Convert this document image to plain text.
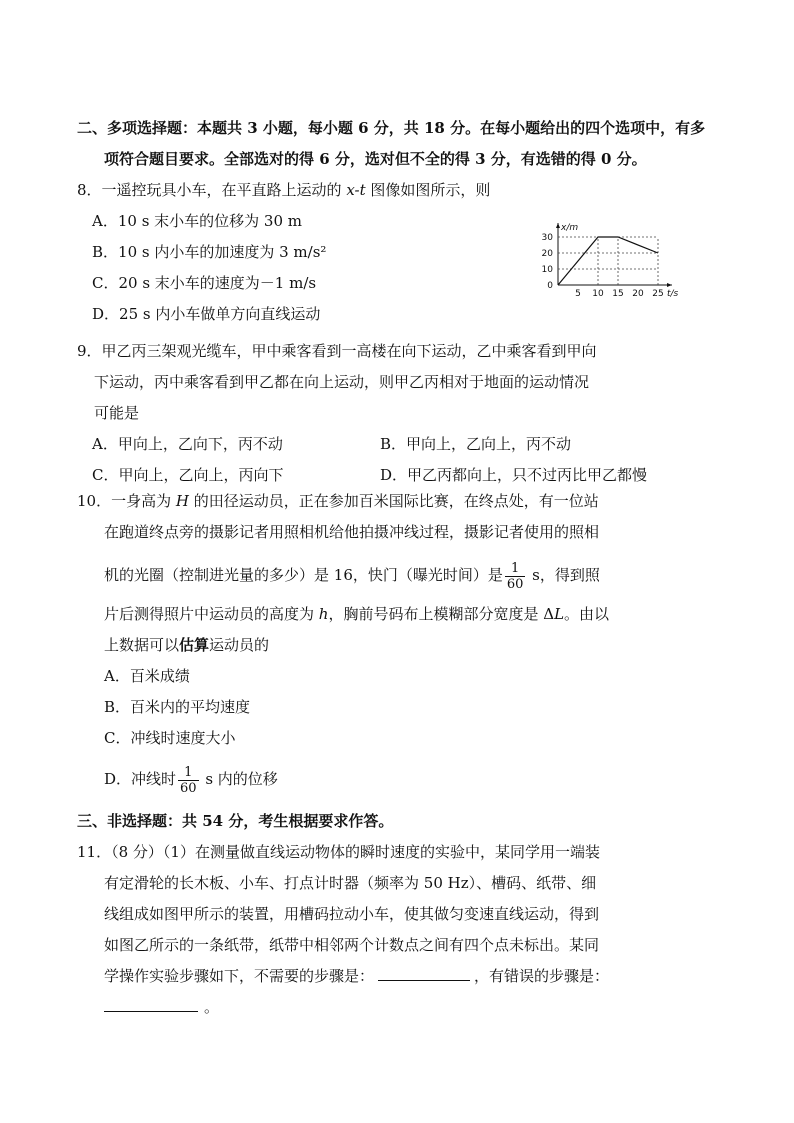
二、多项选择题：本题共 3 小题，每小题 6 分，共 18 分。在每小题给出的四个选项中，有多
项符合题目要求。全部选对的得 6 分，选对但不全的得 3 分，有选错的得 0 分。
8．一遥控玩具小车，在平直路上运动的 x-t 图像如图所示，则
A．10 s 末小车的位移为 30 m
B．10 s 内小车的加速度为 3 m/s²
C．20 s 末小车的速度为－1 m/s
D．25 s 内小车做单方向直线运动
5 10 15 20 25
0
10
20
30
t/s
x/m
9．甲乙丙三架观光缆车，甲中乘客看到一高楼在向下运动，乙中乘客看到甲向
下运动，丙中乘客看到甲乙都在向上运动，则甲乙丙相对于地面的运动情况
可能是
A．甲向上，乙向下，丙不动	B．甲向上，乙向上，丙不动
C．甲向上，乙向上，丙向下	D．甲乙丙都向上，只不过丙比甲乙都慢
10．一身高为 H 的田径运动员，正在参加百米国际比赛，在终点处，有一位站
在跑道终点旁的摄影记者用照相机给他拍摄冲线过程，摄影记者使用的照相
机的光圈（控制进光量的多少）是 16，快门（曝光时间）是 $\frac{1}{60}$ s，得到照
片后测得照片中运动员的高度为 h，胸前号码布上模糊部分宽度是 ΔL。由以
上数据可以估算运动员的
A．百米成绩
B．百米内的平均速度
C．冲线时速度大小
D．冲线时 $\frac{1}{60}$ s 内的位移
三、非选择题：共 54 分，考生根据要求作答。
11．（8 分）（1）在测量做直线运动物体的瞬时速度的实验中，某同学用一端装
有定滑轮的长木板、小车、打点计时器（频率为 50 Hz）、槽码、纸带、细
线组成如图甲所示的装置，用槽码拉动小车，使其做匀变速直线运动，得到
如图乙所示的一条纸带，纸带中相邻两个计数点之间有四个点未标出。某同
学操作实验步骤如下，不需要的步骤是：	，有错误的步骤是：
。
